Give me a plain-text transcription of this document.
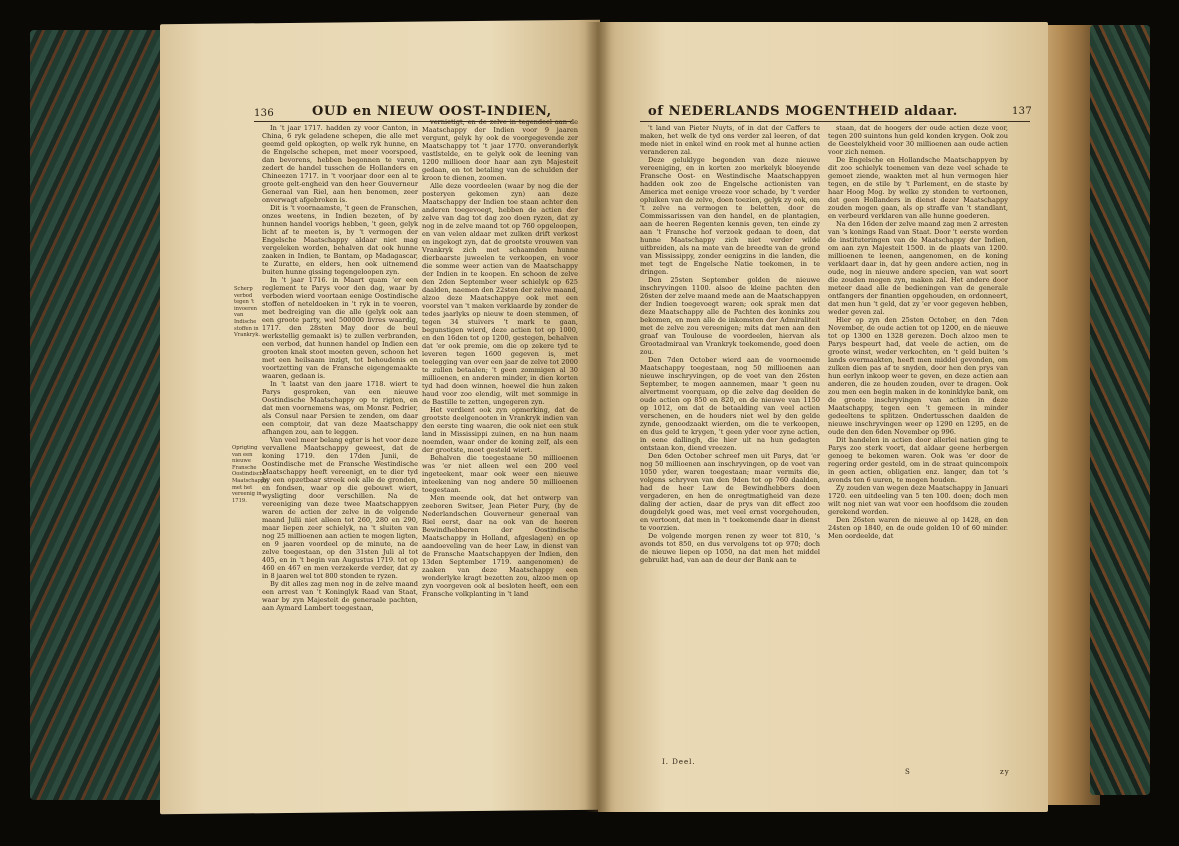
136	OUD en NIEUW OOST-INDIEN,
Scherp verbod tegen 't invoeren van Indische stoffen in Vrankryk.
Oprigting van een nieuwe Fransche Oostindische Maatschappy, met het vereenig in 1719.

In 't jaar 1717. hadden zy voor Canton, in China, 6 ryk geladene schepen, die alle met geemd geld opkogten, op welk ryk hunne, en de Engelsche schepen, met meer voorspoed, dan bevorens, hebben begonnen te varen, zedert de handel tusschen de Hollanders en Chineezen 1717. in 't voorjaar door een al te groote gelt-engheid van den heer Gouverneur Generaal van Riel, aan hen benomen, zeer onverwagt afgebroken is.

Dit is 't voornaamste, 't geen de Franschen, onzes weetens, in Indien bezeten, of by hunnen handel voorigs hebben, 't geen, gelyk licht af te meeten is, by 't vermogen der Engelsche Maatschappy aldaar niet mag vergeleken worden, behalven dat ook hunne zaaken in Indien, te Bantam, op Madagascar, te Zuratte, en elders, hen ook uitnemend buiten hunne gissing tegengeloopen zyn.

In 't jaar 1716. in Maart quam 'er een reglement te Parys voor den dag, waar by verboden wierd voortaan eenige Oostindische stoffen of neteldoeken in 't ryk in te voeren, met bedreiging van die alle (gelyk ook aan een groote party, wel 500000 livres waardig, 1717. den 28sten May door de beul werkstellig gemaakt is) te zullen verbranden, een verbod, dat hunnen handel op Indien een grooten knak stoot moeten geven, schoon het met een heilsaam inzigt, tot behoudenis en voortzetting van de Fransche eigengemaakte waaren, gedaan is.

In 't laatst van den jaare 1718. wiert te Parys gesproken, van een nieuwe Oostindische Maatschappy op te rigten, en dat men voornemens was, om Monsr. Pedrier, als Consul naar Persien te zenden, om daar een comptoir, dat van deze Maatschappy afhangen zou, aan te leggen.

Van veel meer belang egter is het voor deze vervallene Maatschappy geweest, dat de koning 1719. den 17den Junii, de Oostindische met de Fransche Westindische Maatschappy heeft vereenigt, en te dier tyd by een opzetbaar streek ook alle de gronden, en fondsen, waar op die gebouwt wiert, wysligting door verschillen. Na de vereeniging van deze twee Maatschappyen waren de actien der zelve in de volgende maand Julii niet alleen tot 260, 280 en 290, maar liepen zeer schielyk, na 't sluiten van nog 25 millioenen aan actien te mogen ligten, en 9 jaaren voordeel op de minute, na de zelve toegestaan, op den 31sten Juli al tot 405, en in 't begin van Augustus 1719. tot op 460 en 467 en men verzekerde verder, dat zy in 8 jaaren wel tot 800 stonden te ryzen.

By dit alles zag men nog in de zelve maand een arrest van 't Koninglyk Raad van Staat, waar by zyn Majesteit de generaale pachten, aan Aymard Lambert toegestaan,

vernietigt, en de zelve in tegendeel aan de Maatschappy der Indien voor 9 jaaren vergunt, gelyk hy ook de voorgegevende zer Maatschappy tot 't jaar 1770. onveranderlyk vastlstelde, en te gelyk ook de leening van 1200 millioen door haar aan zyn Majesteit gedaan, en tot betaling van de schulden der kroon te dienen, zoomen.

Alle deze voordeelen (waar by nog die der posteryen gekomen zyn) aan deze Maatschappy der Indien toe staan achter den anderen toegevoegt, hebben de actien der zelve van dag tot dag zoo doen ryzen, dat zy nog in de zelve maand tot op 760 opgeloopen, en van velen aldaar met zulken drift verkost en ingekogt zyn, dat de grootste vrouwen van Vrankryk zich met schaamden hunne dierbaarste juweelen te verkoopen, en voor die somme weer actien van de Maatschappy der Indien in te koopen. En schoon de zelve den 2den September weer schielyk op 625 daalden, naemen den 22sten der zelve maand, alzoo deze Maatschappye ook met een voorstel van 't maken verklaarde by zonder de tedes jaarlyks op nieuw te doen stemmen, of tegen 34 stuivers 't mark te gaan, begunstigen wierd, deze actien tot op 1000, en den 16den tot op 1200, gestegen, behalven dat 'er ook premie, om die op zekere tyd te leveren tegen 1600 gegeven is, met toelegging van over een jaar de zelve tot 2000 te zullen betaalen; 't geen zommigen al 30 millioenen, en anderen minder, in dien korten tyd had doen winnen, hoewel die hun zaken haud voor zoo elendig, wilt met sommige in de Bastille te zetten, ungegeren zyn.

Het verdient ook zyn opmerking, dat de grootste deelgenooten in Vrankryk indien van den eerste ting waaren, die ook niet een stuk land in Mississippi zuinen, en na hun naam noemden, waar onder de koning zelf, als een der grootste, moet gesteld wiert.

Behalven die toegestaane 50 millioenen was 'er niet alleen wel een 200 veel ingeteekent, maar ook weer een nieuwe inteekening van nog andere 50 millioenen toegestaan.

Men meende ook, dat het ontwerp van zeeboren Switser, Jean Pieter Pury, (by de Nederlandschen Gouverneur generaal van Riel eerst, daar na ook van de heeren Bewindhebberen der Oostindische Maatschappy in Holland, afgeslagen) en op aandoeveling van de heer Law, in dienst van de Fransche Maatschappyen der Indien, den 13den September 1719. aangenomen) de zaaken van deze Maatschappy een wonderlyke kragt bezetten zou, alzoo men op zyn voorgeven ook al besloten heeft, een een Fransche volkplanting in 't land

of NEDERLANDS MOGENTHEID aldaar.	137

't land van Pieter Nuyts, of in dat der Caffers te maken, het welk de tyd ons verder zal leeren, of dat mede niet in enkel wind en rook met al hunne actien veranderen zal.

Deze geluklyge begonden van deze nieuwe vereeniging, en in korten zoo merkelyk bloeyende Fransche Oost- en Westindische Maatschappyen hadden ook zoo de Engelsche actionisten van America met eenige vreeze voor schade, by 't verder opluiken van de zelve, doen toezien, gelyk zy ook, om 't zelve na vermogen te beletten, door de Commissarissen van den handel, en de plantagien, aan de heeren Regenten kennis geven, ten einde zy aan 't Fransche hof verzoek gedaan te doen, dat hunne Maatschappy zich niet verder wilde uitbreiden, als na mate van de breedte van de grond van Mississippy, zonder eenigzins in die landen, die met tegt de Engelsche Natie toekomen, in te dringen.

Den 25sten September golden de nieuwe inschryvingen 1100. alsoo de kleine pachten den 26sten der zelve maand mede aan de Maatschappyen der Indien toegevoegt waren; ook sprak men dat deze Maatschappy alle de Pachten des koninks zou bekomen, en men alle de inkomsten der Admiraliteit met de zelve zou vereenigen; mits dat men aan den graaf van Toulouse de voordeelen, hiervan als Grootadmiraal van Vrankryk toekomende, goed doen zou.

Den 7den October wierd aan de voornoemde Maatschappy toegestaan, nog 50 millioenen aan nieuwe inschryvingen, op de voet van den 26sten September, te mogen aannemen, maar 't geen nu alvertmemt voorquam, op die zelve dag deelden de oude actien op 850 en 820, en de nieuwe van 1150 op 1012, om dat de betaalding van veel actien verschenen, en de houders niet wel by den gelde zynde, genoodzaakt wierden, om die te verkoopen, en dus geld te krygen, 't geen yder voor zyne actien, in eene dallingh, die hier uit na hun gedagten ontstaan kon, diend vreezen.

Den 6den October schreef men uit Parys, dat 'er nog 50 millioenen aan inschryvingen, op de voet van 1050 yder, waren toegestaan; maar vermits die, volgens schryven van den 9den tot op 760 daalden, had de heer Law de Bewindhebbers doen vergaderen, en hen de onregtmatigheid van deze daling der actien, daar de prys van dit effect zoo dougdelyk goed was, met veel ernst voorgehouden, en vertoont, dat men in 't toekomende daar in dienst te voorzien.

De volgende morgen renen zy weer tot 810, 's avonds tot 850, en dus vervolgens tot op 970; doch de nieuwe liepen op 1050, na dat men het middel gebruikt had, van aan de deur der Bank aan te

staan, dat de hoogers der oude actien deze voor, tegen 200 suintons hun geld konden krygen. Ook zou de Geestelykheid voor 30 millioenen aan oude actien voor zich nemen.

De Engelsche en Hollandsche Maatschappyen by dit zoo schielyk toenemen van deze veel schade te gemoet ziende, waakten met al hun vermogen hier tegen, en de stile by 't Parlement, en de staste by haar Hoog Mog. by welke zy stonden te vertoonen, dat geen Hollanders in dienst dezer Maatschappy zouden mogen gaan, als op straffe van 't standlant, en verbeurd verklaren van alle hunne goederen.

Na den 16den der zelve maand zag men 2 arresten van 's konings Raad van Staat. Door 't eerste worden de instituteringen van de Maatschappy der Indien, om aan zyn Majesteit 1500. in de plaats van 1200. millioenen te leenen, aangenomen, en de koning verklaart daar in, dat hy geen andere actien, nog in oude, nog in nieuwe andere specien, van wat soort die zouden mogen zyn, maken zal. Het andere door meteer daad alle de bedieningen van de generale ontfangers der finantien opgehouden, en ordonneert, dat men hun 't geld, dat zy 'er voor gegeven hebben, weder geven zal.

Hier op zyn den 25sten October, en den 7den November, de oude actien tot op 1200, en de nieuwe tot op 1300 en 1328 gerezen. Doch alzoo men te Parys bespeurt had, dat veele de actien, om de groote winst, weder verkochten, en 't geld buiten 's lands overmaakten, heeft men middel gevonden, om zulken dien pas af te snyden, door hen den prys van hun eerlyn inkoop weer te geven, en deze actien aan anderen, die ze houden zouden, over te dragen. Ook zou men een begin maken in de koninklyke bank, om de groote inschryvingen van actien in deze Maatschappy, tegen een 't gemeen in minder gedeeltens te splitzen. Ondertusschen daalden de nieuwe inschryvingen weer op 1290 en 1295, en de oude den den 6den November op 996.

Dit handelen in actien door allerlei natien ging te Parys zoo sterk voort, dat aldaar geene herbergen genoeg te bekomen waren. Ook was 'er door de regering order gesteld, om in de straat quincompoix in geen actien, obligatien enz. langer, dan tot 's avonds ten 6 uuren, te mogen houden.

Zy zouden van wegen deze Maatschappy in Januari 1720. een uitdeeling van 5 ten 100. doen; doch men wilt nog niet van wat voor een hoofdsom die zouden gerekend worden.

Den 26sten waren de nieuwe al op 1428, en den 24sten op 1840, en de oude golden 10 of 60 minder. Men oordeelde, dat

I. Deel.
S	zy
